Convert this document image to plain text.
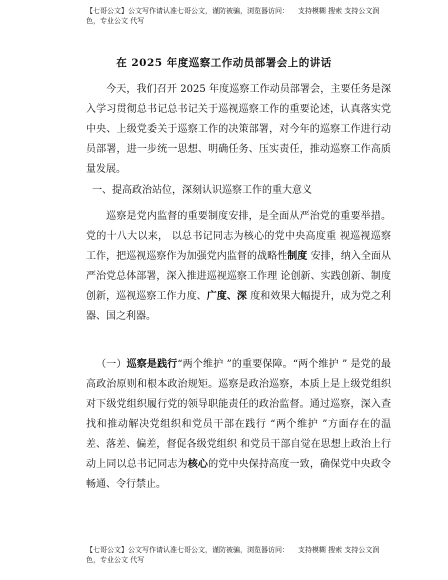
【七哥公文】公文写作请认准七哥公文，谨防被骗，浏览器访问：    支持模糊 搜索 支持公文润色，专业公文 代写
在 2025 年度巡察工作动员部署会上的讲话
今天，我们召开 2025 年度巡察工作动员部署会，主要任务是深入学习贯彻总书记总书记关于巡视巡察工作的重要论述，认真落实党中央、上级党委关于巡察工作的决策部署，对今年的巡察工作进行动员部署，进一步统一思想、明确任务、压实责任，推动巡察工作高质量发展。
一、提高政治站位，深刻认识巡察工作的重大意义
巡察是党内监督的重要制度安排，是全面从严治党的重要举措。党的十八大以来， 以总书记同志为核心的党中央高度重 视巡视巡察工作，把巡视巡察作为加强党内监督的战略性制度 安排，纳入全面从严治党总体部署，深入推进巡视巡察工作理 论创新、实践创新、制度创新，巡视巡察工作力度、广度、深 度和效果大幅提升，成为党之利器、国之利器。
（一）巡察是践行“两个维护 ”的重要保障。“两个维护 ” 是党的最高政治原则和根本政治规矩。巡察是政治巡察，本质上是上级党组织对下级党组织履行党的领导职能责任的政治监督。通过巡察，深入查找和推动解决党组织和党员干部在践行 “两个维护 ”方面存在的温差、落差、偏差，督促各级党组织 和党员干部自觉在思想上政治上行动上同以总书记同志为核心的党中央保持高度一致，确保党中央政令畅通、令行禁止。
【七哥公文】公文写作请认准七哥公文，谨防被骗，浏览器访问：    支持模糊 搜索 支持公文润色，专业公文 代写
